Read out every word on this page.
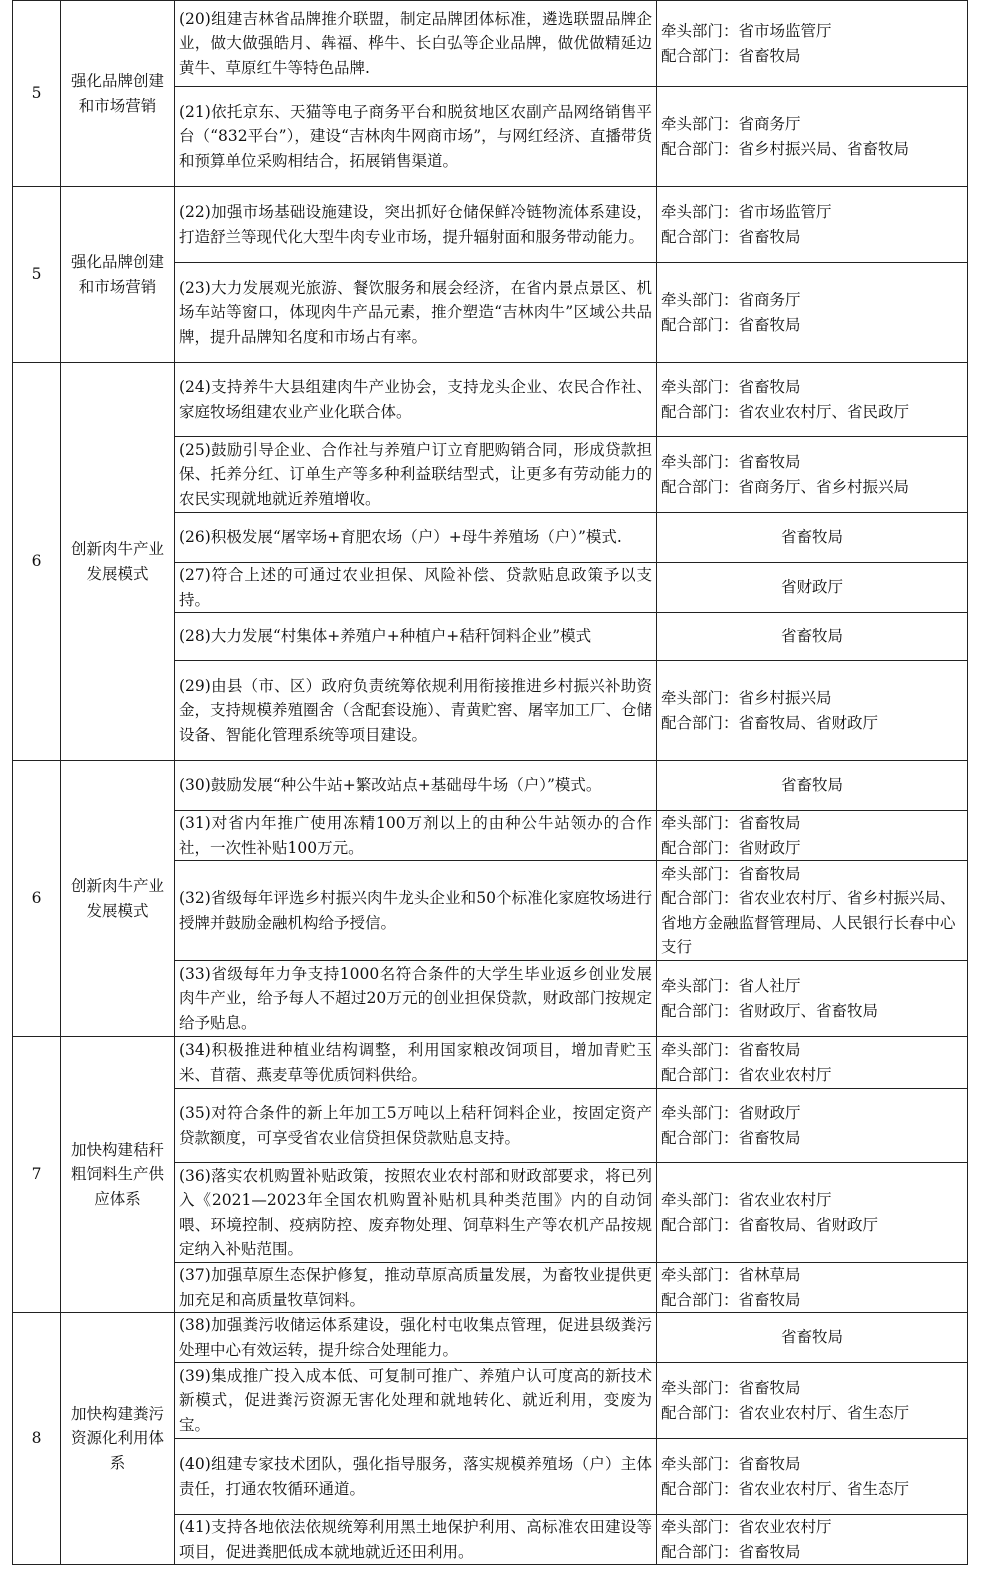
5	强化品牌创建和市场营销	(20)组建吉林省品牌推介联盟，制定品牌团体标准，遴选联盟品牌企业，做大做强皓月、犇福、桦牛、长白弘等企业品牌，做优做精延边黄牛、草原红牛等特色品牌.	牵头部门：省市场监管厅
配合部门：省畜牧局

		(21)依托京东、天猫等电子商务平台和脱贫地区农副产品网络销售平台（“832平台”），建设“吉林肉牛网商市场”，与网红经济、直播带货和预算单位采购相结合，拓展销售渠道。	牵头部门：省商务厅
配合部门：省乡村振兴局、省畜牧局

5	强化品牌创建和市场营销	(22)加强市场基础设施建设，突出抓好仓储保鲜冷链物流体系建设，打造舒兰等现代化大型牛肉专业市场，提升辐射面和服务带动能力。	牵头部门：省市场监管厅
配合部门：省畜牧局

		(23)大力发展观光旅游、餐饮服务和展会经济，在省内景点景区、机场车站等窗口，体现肉牛产品元素，推介塑造“吉林肉牛”区域公共品牌，提升品牌知名度和市场占有率。	牵头部门：省商务厅
配合部门：省畜牧局

6	创新肉牛产业发展模式	(24)支持养牛大县组建肉牛产业协会，支持龙头企业、农民合作社、家庭牧场组建农业产业化联合体。	牵头部门：省畜牧局
配合部门：省农业农村厅、省民政厅

		(25)鼓励引导企业、合作社与养殖户订立育肥购销合同，形成贷款担保、托养分红、订单生产等多种利益联结型式，让更多有劳动能力的农民实现就地就近养殖增收。	牵头部门：省畜牧局
配合部门：省商务厅、省乡村振兴局

		(26)积极发展“屠宰场+育肥农场（户）+母牛养殖场（户）”模式.	省畜牧局
		(27)符合上述的可通过农业担保、风险补偿、贷款贴息政策予以支持。	省财政厅
		(28)大力发展“村集体+养殖户+种植户+秸秆饲料企业”模式	省畜牧局
		(29)由县（市、区）政府负责统筹依规利用衔接推进乡村振兴补助资金，支持规模养殖圈舍（含配套设施）、青黄贮窖、屠宰加工厂、仓储设备、智能化管理系统等项目建设。	牵头部门：省乡村振兴局
配合部门：省畜牧局、省财政厅

6	创新肉牛产业发展模式	(30)鼓励发展“种公牛站+繁改站点+基础母牛场（户）”模式。	省畜牧局
		(31)对省内年推广使用冻精100万剂以上的由种公牛站领办的合作社，一次性补贴100万元。	牵头部门：省畜牧局
配合部门：省财政厅

		(32)省级每年评选乡村振兴肉牛龙头企业和50个标准化家庭牧场进行授牌并鼓励金融机构给予授信。	牵头部门：省畜牧局
配合部门：省农业农村厅、省乡村振兴局、省地方金融监督管理局、人民银行长春中心支行

		(33)省级每年力争支持1000名符合条件的大学生毕业返乡创业发展肉牛产业，给予每人不超过20万元的创业担保贷款，财政部门按规定给予贴息。	牵头部门：省人社厅
配合部门：省财政厅、省畜牧局

7	加快构建秸秆粗饲料生产供应体系	(34)积极推进种植业结构调整，利用国家粮改饲项目，增加青贮玉米、苜蓿、燕麦草等优质饲料供给。	牵头部门：省畜牧局
配合部门：省农业农村厅

		(35)对符合条件的新上年加工5万吨以上秸秆饲料企业，按固定资产贷款额度，可享受省农业信贷担保贷款贴息支持。	牵头部门：省财政厅
配合部门：省畜牧局

		(36)落实农机购置补贴政策，按照农业农村部和财政部要求，将已列入《2021—2023年全国农机购置补贴机具种类范围》内的自动饲喂、环境控制、疫病防控、废弃物处理、饲草料生产等农机产品按规定纳入补贴范围。	牵头部门：省农业农村厅
配合部门：省畜牧局、省财政厅

		(37)加强草原生态保护修复，推动草原高质量发展，为畜牧业提供更加充足和高质量牧草饲料。	牵头部门：省林草局
配合部门：省畜牧局

8	加快构建粪污资源化利用体系	(38)加强粪污收储运体系建设，强化村屯收集点管理，促进县级粪污处理中心有效运转，提升综合处理能力。	省畜牧局
		(39)集成推广投入成本低、可复制可推广、养殖户认可度高的新技术新模式，促进粪污资源无害化处理和就地转化、就近利用，变废为宝。	牵头部门：省畜牧局
配合部门：省农业农村厅、省生态厅

		(40)组建专家技术团队，强化指导服务，落实规模养殖场（户）主体责任，打通农牧循环通道。	牵头部门：省畜牧局
配合部门：省农业农村厅、省生态厅

		(41)支持各地依法依规统筹利用黑土地保护利用、高标准农田建设等项目，促进粪肥低成本就地就近还田利用。	牵头部门：省农业农村厅
配合部门：省畜牧局
